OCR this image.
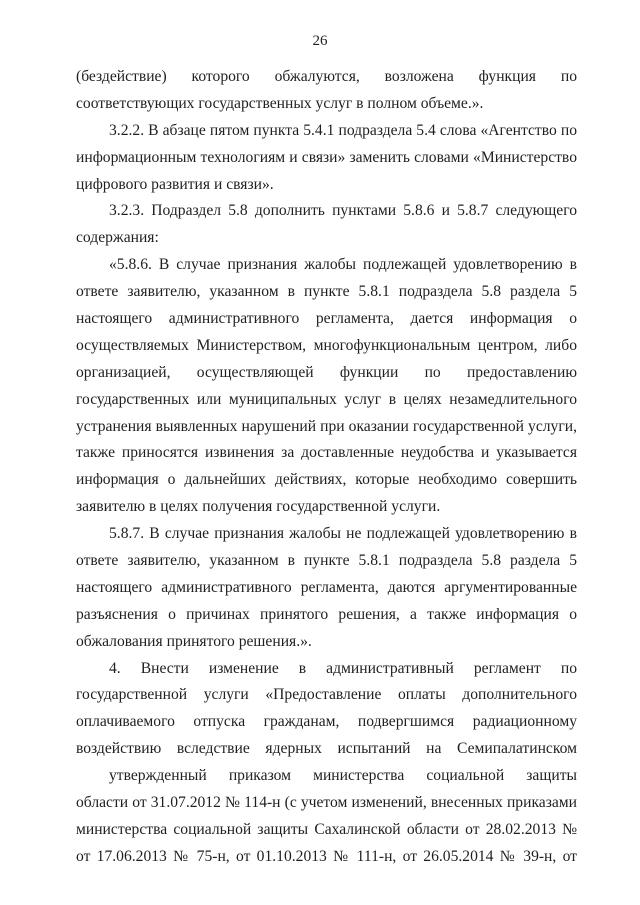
26
(бездействие) которого обжалуются, возложена функция по
соответствующих государственных услуг в полном объеме.».
3.2.2. В абзаце пятом пункта 5.4.1 подраздела 5.4 слова «Агентство по
информационным технологиям и связи» заменить словами «Министерство
цифрового развития и связи».
3.2.3. Подраздел 5.8 дополнить пунктами 5.8.6 и 5.8.7 следующего
содержания:
«5.8.6. В случае признания жалобы подлежащей удовлетворению в
ответе заявителю, указанном в пункте 5.8.1 подраздела 5.8 раздела 5
настоящего административного регламента, дается информация о
осуществляемых Министерством, многофункциональным центром, либо
организацией, осуществляющей функции по предоставлению
государственных или муниципальных услуг в целях незамедлительного
устранения выявленных нарушений при оказании государственной услуги,
также приносятся извинения за доставленные неудобства и указывается
информация о дальнейших действиях, которые необходимо совершить
заявителю в целях получения государственной услуги.
5.8.7. В случае признания жалобы не подлежащей удовлетворению в
ответе заявителю, указанном в пункте 5.8.1 подраздела 5.8 раздела 5
настоящего административного регламента, даются аргументированные
разъяснения о причинах принятого решения, а также информация о
обжалования принятого решения.».
4. Внести изменение в административный регламент по
государственной услуги «Предоставление оплаты дополнительного
оплачиваемого отпуска гражданам, подвергшимся радиационному
воздействию вследствие ядерных испытаний на Семипалатинском
утвержденный приказом министерства социальной защиты
области от 31.07.2012 № 114-н (с учетом изменений, внесенных приказами
министерства социальной защиты Сахалинской области от 28.02.2013 №
от 17.06.2013 № 75-н, от 01.10.2013 № 111-н, от 26.05.2014 № 39-н, от
